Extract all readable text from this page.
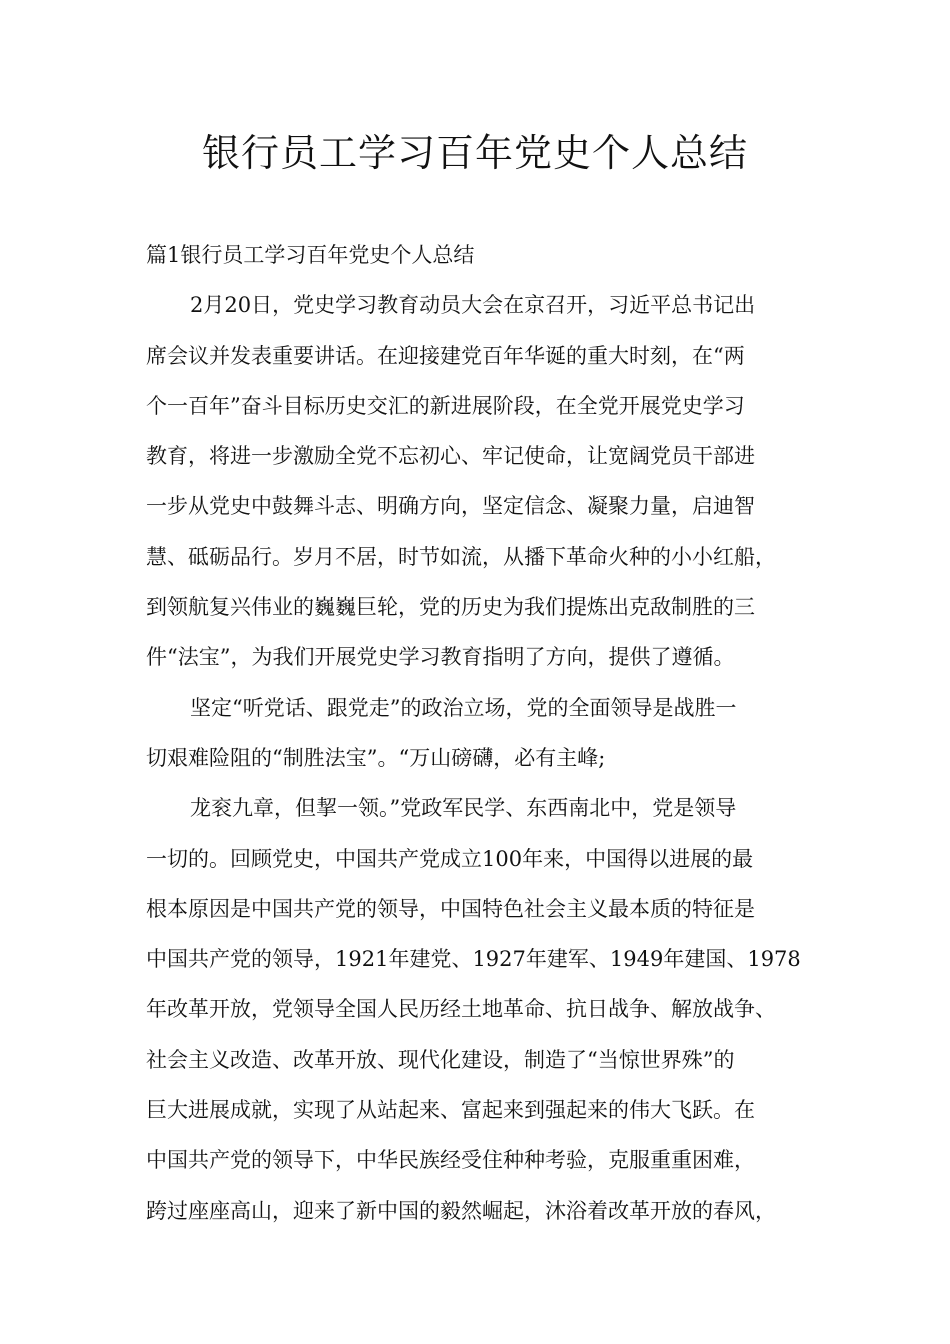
银行员工学习百年党史个人总结
篇1银行员工学习百年党史个人总结
2月20日，党史学习教育动员大会在京召开，习近平总书记出
席会议并发表重要讲话。在迎接建党百年华诞的重大时刻，在“两
个一百年”奋斗目标历史交汇的新进展阶段，在全党开展党史学习
教育，将进一步激励全党不忘初心、牢记使命，让宽阔党员干部进
一步从党史中鼓舞斗志、明确方向，坚定信念、凝聚力量，启迪智
慧、砥砺品行。岁月不居，时节如流，从播下革命火种的小小红船，
到领航复兴伟业的巍巍巨轮，党的历史为我们提炼出克敌制胜的三
件“法宝”，为我们开展党史学习教育指明了方向，提供了遵循。
坚定“听党话、跟党走”的政治立场，党的全面领导是战胜一
切艰难险阻的“制胜法宝”。“万山磅礴，必有主峰;
龙衮九章，但挈一领。”党政军民学、东西南北中，党是领导
一切的。回顾党史，中国共产党成立100年来，中国得以进展的最
根本原因是中国共产党的领导，中国特色社会主义最本质的特征是
中国共产党的领导，1921年建党、1927年建军、1949年建国、1978
年改革开放，党领导全国人民历经土地革命、抗日战争、解放战争、
社会主义改造、改革开放、现代化建设，制造了“当惊世界殊”的
巨大进展成就，实现了从站起来、富起来到强起来的伟大飞跃。在
中国共产党的领导下，中华民族经受住种种考验，克服重重困难，
跨过座座高山，迎来了新中国的毅然崛起，沐浴着改革开放的春风，
